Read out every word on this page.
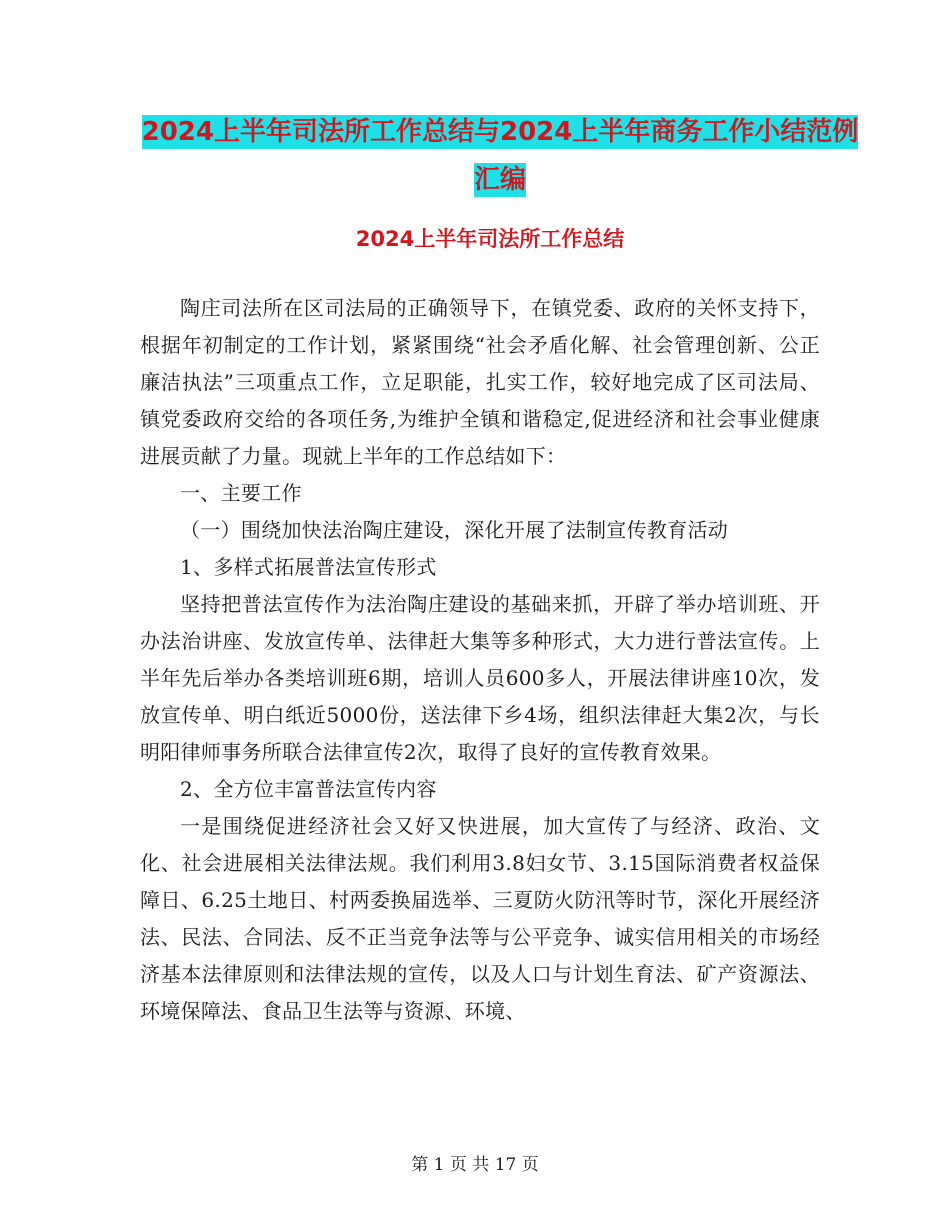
2024上半年司法所工作总结与2024上半年商务工作小结范例汇编
2024上半年司法所工作总结

陶庄司法所在区司法局的正确领导下，在镇党委、政府的关怀支持下，根据年初制定的工作计划，紧紧围绕“社会矛盾化解、社会管理创新、公正廉洁执法”三项重点工作，立足职能，扎实工作，较好地完成了区司法局、镇党委政府交给的各项任务,为维护全镇和谐稳定,促进经济和社会事业健康进展贡献了力量。现就上半年的工作总结如下：

一、主要工作

（一）围绕加快法治陶庄建设，深化开展了法制宣传教育活动

1、多样式拓展普法宣传形式

坚持把普法宣传作为法治陶庄建设的基础来抓，开辟了举办培训班、开办法治讲座、发放宣传单、法律赶大集等多种形式，大力进行普法宣传。上半年先后举办各类培训班6期，培训人员600多人，开展法律讲座10次，发放宣传单、明白纸近5000份，送法律下乡4场，组织法律赶大集2次，与长明阳律师事务所联合法律宣传2次，取得了良好的宣传教育效果。

2、全方位丰富普法宣传内容

一是围绕促进经济社会又好又快进展，加大宣传了与经济、政治、文化、社会进展相关法律法规。我们利用3.8妇女节、3.15国际消费者权益保障日、6.25土地日、村两委换届选举、三夏防火防汛等时节，深化开展经济法、民法、合同法、反不正当竞争法等与公平竞争、诚实信用相关的市场经济基本法律原则和法律法规的宣传，以及人口与计划生育法、矿产资源法、环境保障法、食品卫生法等与资源、环境、

第 1 页 共 17 页
